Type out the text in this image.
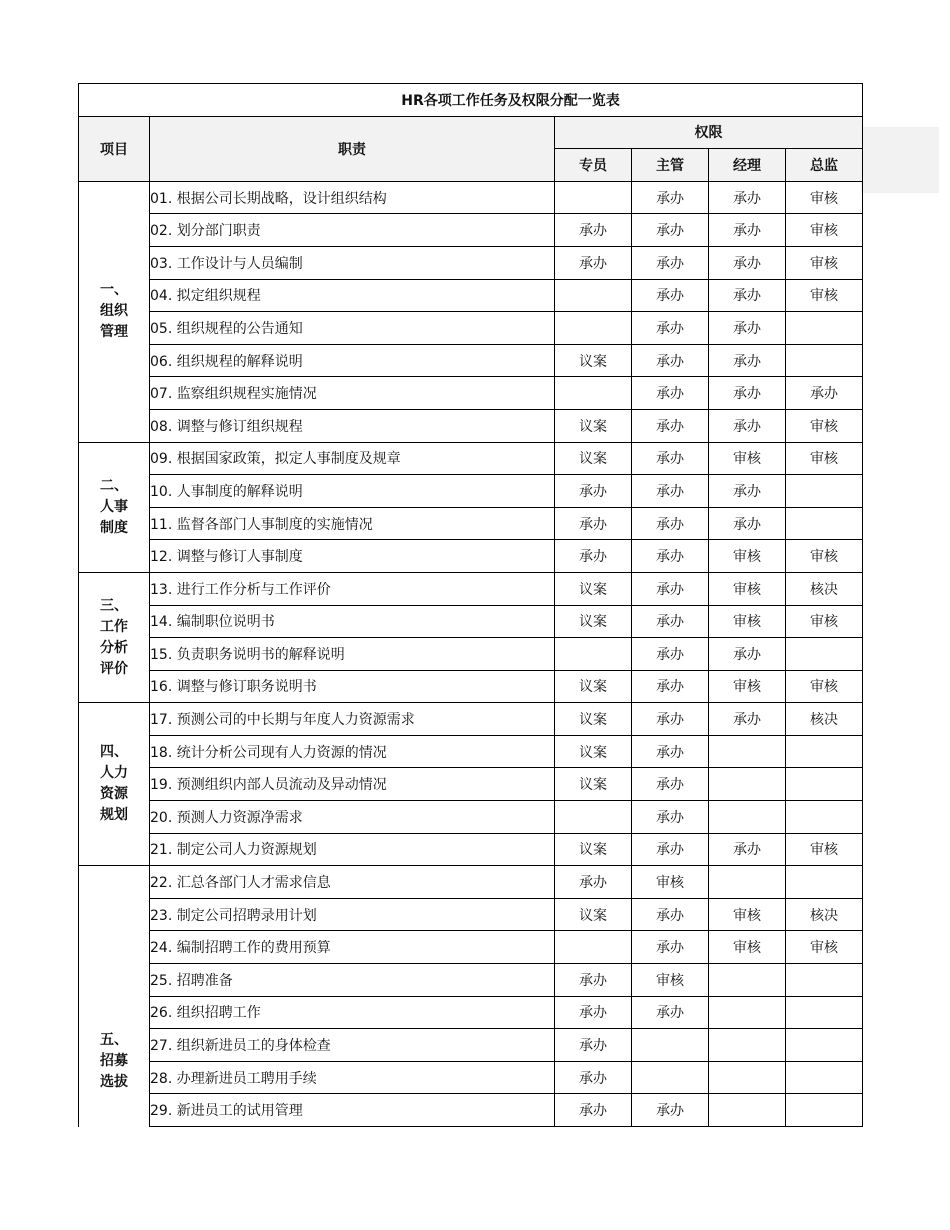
HR各项工作任务及权限分配一览表					

项目	职责	权限			
		专员	主管	经理	总监

一、
组织
管理	01. 根据公司长期战略，设计组织结构		承办	承办	审核
	02. 划分部门职责	承办	承办	承办	审核
	03. 工作设计与人员编制	承办	承办	承办	审核
	04. 拟定组织规程		承办	承办	审核
	05. 组织规程的公告通知		承办	承办	
	06. 组织规程的解释说明	议案	承办	承办	
	07. 监察组织规程实施情况		承办	承办	承办
	08. 调整与修订组织规程	议案	承办	承办	审核

二、
人事
制度	09. 根据国家政策，拟定人事制度及规章	议案	承办	审核	审核
	10. 人事制度的解释说明	承办	承办	承办	
	11. 监督各部门人事制度的实施情况	承办	承办	承办	
	12. 调整与修订人事制度	承办	承办	审核	审核

三、
工作
分析
评价	13. 进行工作分析与工作评价	议案	承办	审核	核决
	14. 编制职位说明书	议案	承办	审核	审核
	15. 负责职务说明书的解释说明		承办	承办	
	16. 调整与修订职务说明书	议案	承办	审核	审核

四、
人力
资源
规划	17. 预测公司的中长期与年度人力资源需求	议案	承办	承办	核决
	18. 统计分析公司现有人力资源的情况	议案	承办		
	19. 预测组织内部人员流动及异动情况	议案	承办		
	20. 预测人力资源净需求		承办		
	21. 制定公司人力资源规划	议案	承办	承办	审核

五、
招募
选拔	22. 汇总各部门人才需求信息	承办	审核		
	23. 制定公司招聘录用计划	议案	承办	审核	核决
	24. 编制招聘工作的费用预算		承办	审核	审核
	25. 招聘准备	承办	审核		
	26. 组织招聘工作	承办	承办		
	27. 组织新进员工的身体检查	承办			
	28. 办理新进员工聘用手续	承办			
	29. 新进员工的试用管理	承办	承办		
